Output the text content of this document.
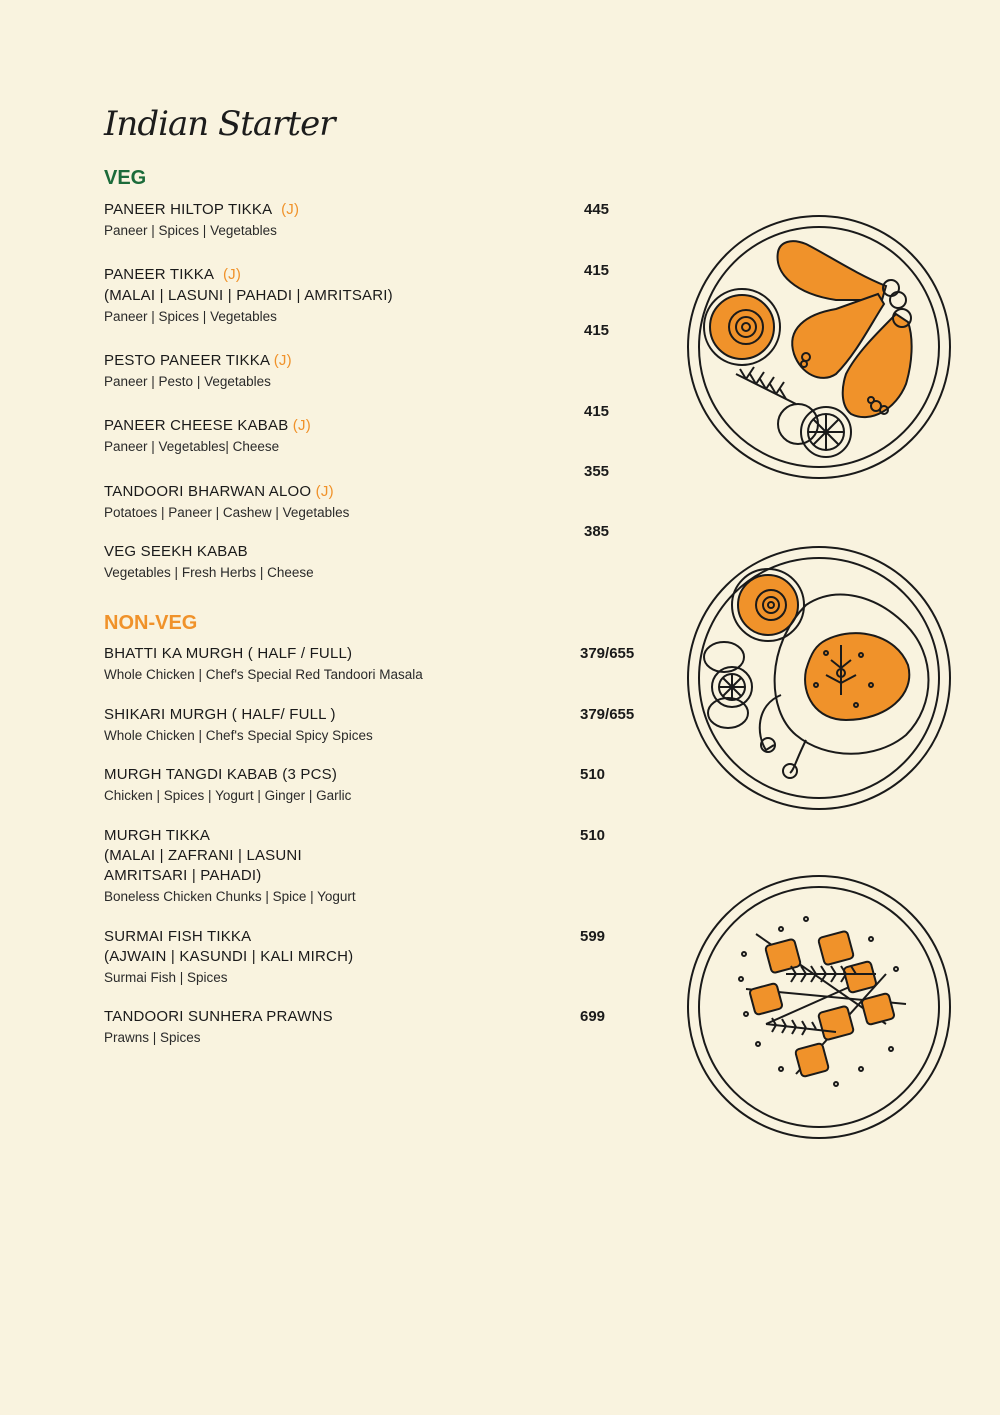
Indian Starter
VEG
PANEER HILTOP TIKKA (J)
Paneer | Spices | Vegetables
445
PANEER TIKKA (J)
(MALAI | LASUNI | PAHADI | AMRITSARI)
Paneer | Spices | Vegetables
415
PESTO PANEER TIKKA (J)
Paneer | Pesto | Vegetables
415
PANEER CHEESE KABAB (J)
Paneer | Vegetables| Cheese
415
TANDOORI BHARWAN ALOO (J)
Potatoes | Paneer | Cashew | Vegetables
355
VEG SEEKH KABAB
Vegetables | Fresh Herbs | Cheese
385
NON-VEG
BHATTI KA MURGH ( HALF / FULL)
Whole Chicken | Chef's Special Red Tandoori Masala
379/655
SHIKARI MURGH ( HALF/ FULL )
Whole Chicken | Chef's Special Spicy Spices
379/655
MURGH TANGDI KABAB (3 PCS)
Chicken | Spices | Yogurt | Ginger | Garlic
510
MURGH TIKKA
(MALAI | ZAFRANI | LASUNI
AMRITSARI | PAHADI)
Boneless Chicken Chunks | Spice | Yogurt
510
SURMAI FISH TIKKA
(AJWAIN | KASUNDI | KALI MIRCH)
Surmai Fish | Spices
599
TANDOORI SUNHERA PRAWNS
Prawns | Spices
699
